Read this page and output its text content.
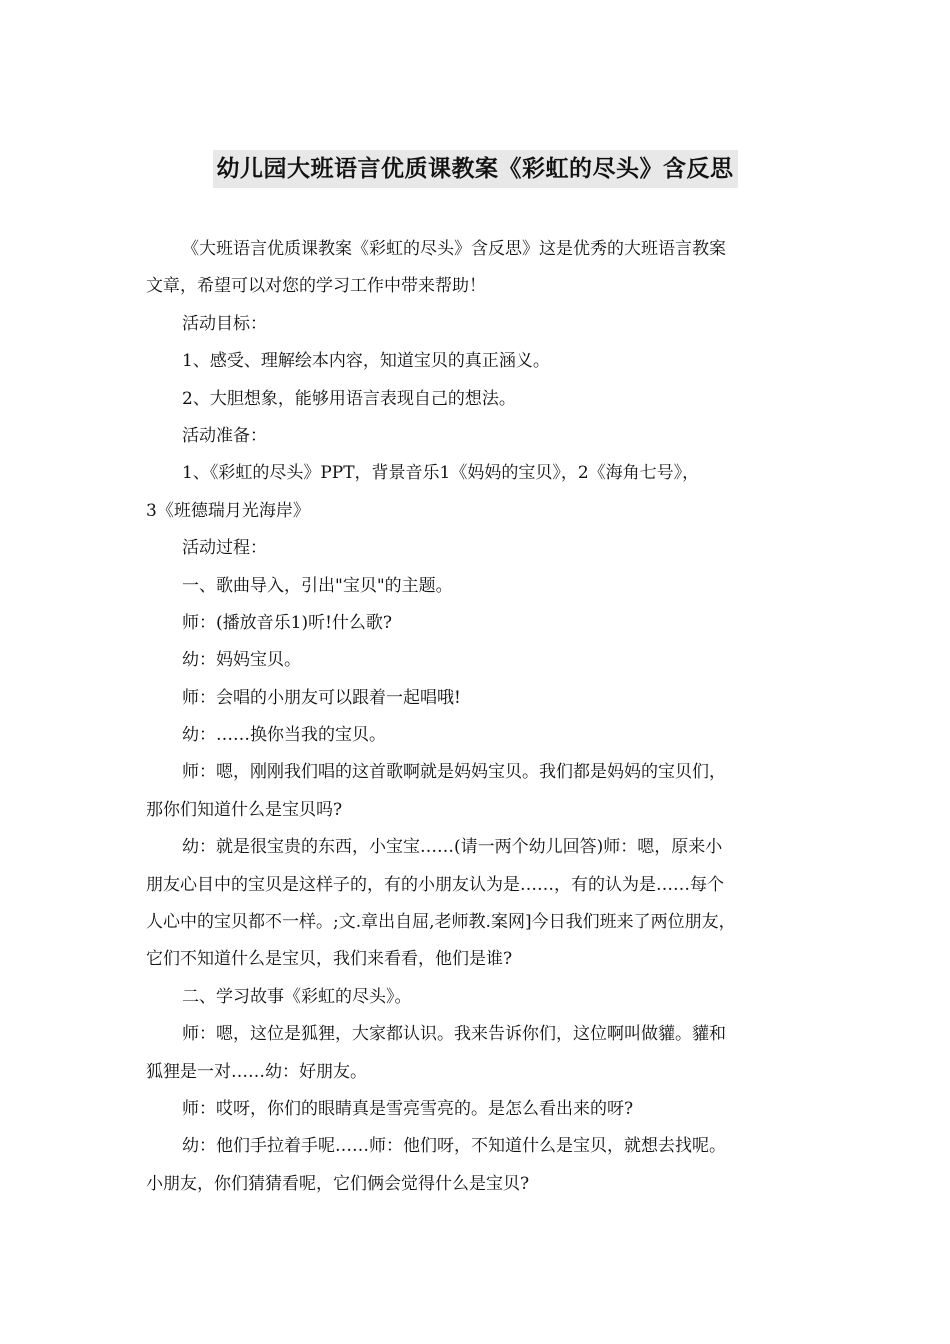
幼儿园大班语言优质课教案《彩虹的尽头》含反思
《大班语言优质课教案《彩虹的尽头》含反思》这是优秀的大班语言教案
文章，希望可以对您的学习工作中带来帮助！
活动目标：
1、感受、理解绘本内容，知道宝贝的真正涵义。
2、大胆想象，能够用语言表现自己的想法。
活动准备：
1、《彩虹的尽头》PPT，背景音乐1《妈妈的宝贝》，2《海角七号》，
3《班德瑞月光海岸》
活动过程：
一、歌曲导入，引出"宝贝"的主题。
师：(播放音乐1)听!什么歌?
幼：妈妈宝贝。
师：会唱的小朋友可以跟着一起唱哦!
幼：……换你当我的宝贝。
师：嗯，刚刚我们唱的这首歌啊就是妈妈宝贝。我们都是妈妈的宝贝们，
那你们知道什么是宝贝吗?
幼：就是很宝贵的东西，小宝宝……(请一两个幼儿回答)师：嗯，原来小
朋友心目中的宝贝是这样子的，有的小朋友认为是……，有的认为是……每个
人心中的宝贝都不一样。;文.章出自屈,老师教.案网]今日我们班来了两位朋友，
它们不知道什么是宝贝，我们来看看，他们是谁?
二、学习故事《彩虹的尽头》。
师：嗯，这位是狐狸，大家都认识。我来告诉你们，这位啊叫做貛。貛和
狐狸是一对……幼：好朋友。
师：哎呀，你们的眼睛真是雪亮雪亮的。是怎么看出来的呀?
幼：他们手拉着手呢……师：他们呀，不知道什么是宝贝，就想去找呢。
小朋友，你们猜猜看呢，它们俩会觉得什么是宝贝?
